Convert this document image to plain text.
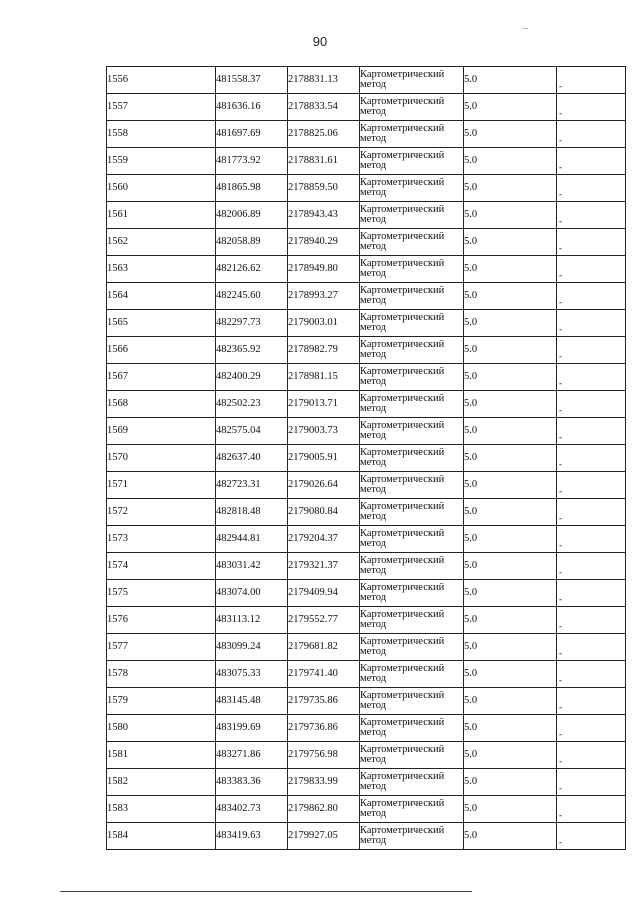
90
1556	481558.37	2178831.13	Картометрический
метод	5.0	-

1557	481636.16	2178833.54	Картометрический
метод	5.0	-

1558	481697.69	2178825.06	Картометрический
метод	5.0	-

1559	481773.92	2178831.61	Картометрический
метод	5.0	-

1560	481865.98	2178859.50	Картометрический
метод	5.0	-

1561	482006.89	2178943.43	Картометрический
метод	5.0	-

1562	482058.89	2178940.29	Картометрический
метод	5.0	-

1563	482126.62	2178949.80	Картометрический
метод	5.0	-

1564	482245.60	2178993.27	Картометрический
метод	5.0	-

1565	482297.73	2179003.01	Картометрический
метод	5.0	-

1566	482365.92	2178982.79	Картометрический
метод	5.0	-

1567	482400.29	2178981.15	Картометрический
метод	5.0	-

1568	482502.23	2179013.71	Картометрический
метод	5.0	-

1569	482575.04	2179003.73	Картометрический
метод	5.0	-

1570	482637.40	2179005.91	Картометрический
метод	5.0	-

1571	482723.31	2179026.64	Картометрический
метод	5.0	-

1572	482818.48	2179080.84	Картометрический
метод	5.0	-

1573	482944.81	2179204.37	Картометрический
метод	5.0	-

1574	483031.42	2179321.37	Картометрический
метод	5.0	-

1575	483074.00	2179409.94	Картометрический
метод	5.0	-

1576	483113.12	2179552.77	Картометрический
метод	5.0	-

1577	483099.24	2179681.82	Картометрический
метод	5.0	-

1578	483075.33	2179741.40	Картометрический
метод	5.0	-

1579	483145.48	2179735.86	Картометрический
метод	5.0	-

1580	483199.69	2179736.86	Картометрический
метод	5.0	-

1581	483271.86	2179756.98	Картометрический
метод	5.0	-

1582	483383.36	2179833.99	Картометрический
метод	5.0	-

1583	483402.73	2179862.80	Картометрический
метод	5.0	-

1584	483419.63	2179927.05	Картометрический
метод	5.0	-
